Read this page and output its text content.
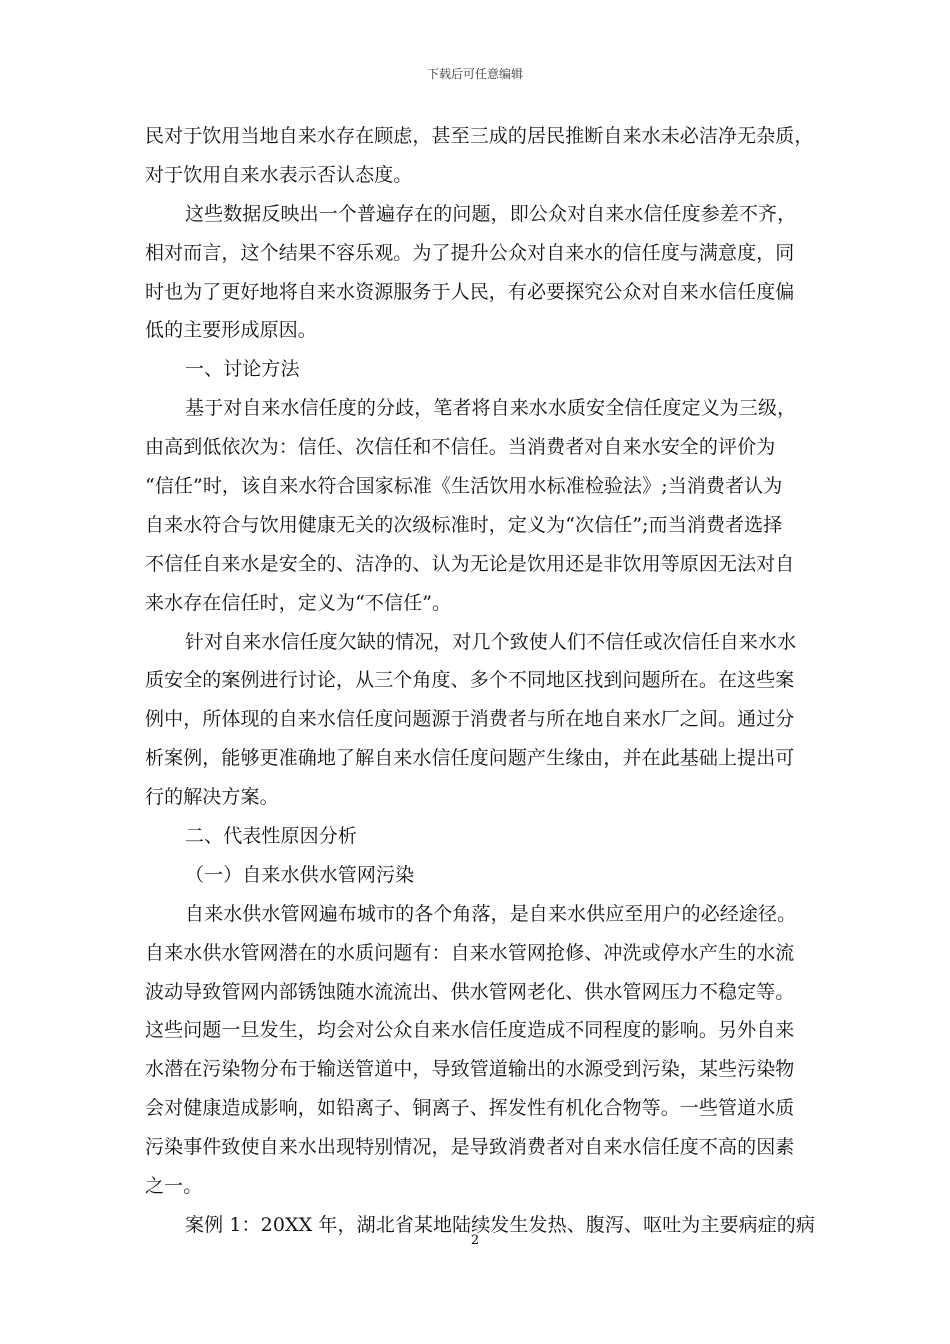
下载后可任意编辑
民对于饮用当地自来水存在顾虑，甚至三成的居民推断自来水未必洁净无杂质，
对于饮用自来水表示否认态度。
这些数据反映出一个普遍存在的问题，即公众对自来水信任度参差不齐，
相对而言，这个结果不容乐观。为了提升公众对自来水的信任度与满意度，同
时也为了更好地将自来水资源服务于人民，有必要探究公众对自来水信任度偏
低的主要形成原因。
一、讨论方法
基于对自来水信任度的分歧，笔者将自来水水质安全信任度定义为三级，
由高到低依次为：信任、次信任和不信任。当消费者对自来水安全的评价为
“信任”时，该自来水符合国家标准《生活饮用水标准检验法》;当消费者认为
自来水符合与饮用健康无关的次级标准时，定义为“次信任”;而当消费者选择
不信任自来水是安全的、洁净的、认为无论是饮用还是非饮用等原因无法对自
来水存在信任时，定义为“不信任”。
针对自来水信任度欠缺的情况，对几个致使人们不信任或次信任自来水水
质安全的案例进行讨论，从三个角度、多个不同地区找到问题所在。在这些案
例中，所体现的自来水信任度问题源于消费者与所在地自来水厂之间。通过分
析案例，能够更准确地了解自来水信任度问题产生缘由，并在此基础上提出可
行的解决方案。
二、代表性原因分析
（一）自来水供水管网污染
自来水供水管网遍布城市的各个角落，是自来水供应至用户的必经途径。
自来水供水管网潜在的水质问题有：自来水管网抢修、冲洗或停水产生的水流
波动导致管网内部锈蚀随水流流出、供水管网老化、供水管网压力不稳定等。
这些问题一旦发生，均会对公众自来水信任度造成不同程度的影响。另外自来
水潜在污染物分布于输送管道中，导致管道输出的水源受到污染，某些污染物
会对健康造成影响，如铅离子、铜离子、挥发性有机化合物等。一些管道水质
污染事件致使自来水出现特别情况，是导致消费者对自来水信任度不高的因素
之一。
案例 1：20XX 年，湖北省某地陆续发生发热、腹泻、呕吐为主要病症的病
2
